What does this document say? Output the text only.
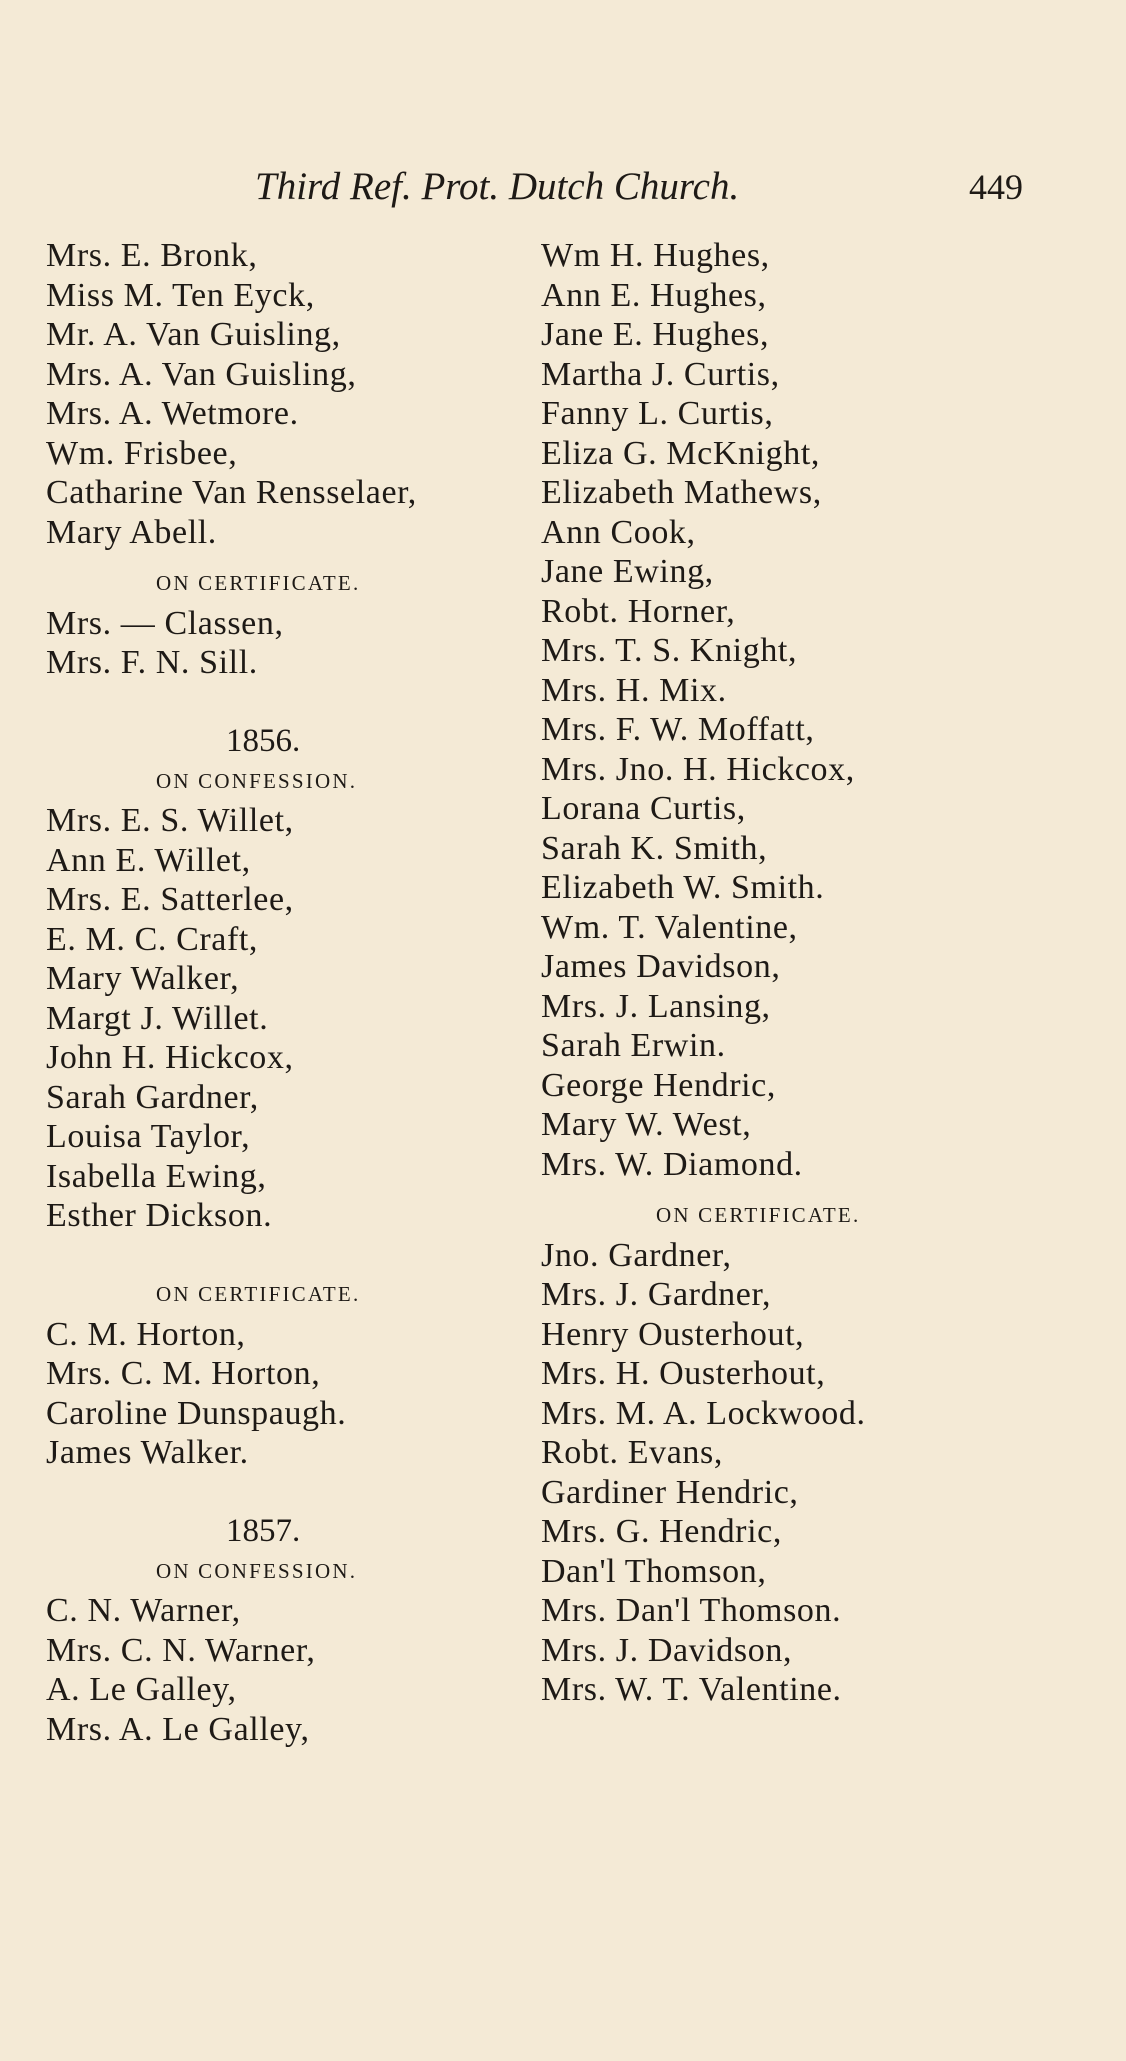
Third Ref. Prot. Dutch Church.	449
Mrs. E. Bronk,
Miss M. Ten Eyck,
Mr. A. Van Guisling,
Mrs. A. Van Guisling,
Mrs. A. Wetmore.
Wm. Frisbee,
Catharine Van Rensselaer,
Mary Abell.
ON CERTIFICATE.
Mrs. — Classen,
Mrs. F. N. Sill.
1856.
ON CONFESSION.
Mrs. E. S. Willet,
Ann E. Willet,
Mrs. E. Satterlee,
E. M. C. Craft,
Mary Walker,
Margt J. Willet.
John H. Hickcox,
Sarah Gardner,
Louisa Taylor,
Isabella Ewing,
Esther Dickson.
ON CERTIFICATE.
C. M. Horton,
Mrs. C. M. Horton,
Caroline Dunspaugh.
James Walker.
1857.
ON CONFESSION.
C. N. Warner,
Mrs. C. N. Warner,
A. Le Galley,
Mrs. A. Le Galley,
Wm H. Hughes,
Ann E. Hughes,
Jane E. Hughes,
Martha J. Curtis,
Fanny L. Curtis,
Eliza G. McKnight,
Elizabeth Mathews,
Ann Cook,
Jane Ewing,
Robt. Horner,
Mrs. T. S. Knight,
Mrs. H. Mix.
Mrs. F. W. Moffatt,
Mrs. Jno. H. Hickcox,
Lorana Curtis,
Sarah K. Smith,
Elizabeth W. Smith.
Wm. T. Valentine,
James Davidson,
Mrs. J. Lansing,
Sarah Erwin.
George Hendric,
Mary W. West,
Mrs. W. Diamond.
ON CERTIFICATE.
Jno. Gardner,
Mrs. J. Gardner,
Henry Ousterhout,
Mrs. H. Ousterhout,
Mrs. M. A. Lockwood.
Robt. Evans,
Gardiner Hendric,
Mrs. G. Hendric,
Dan'l Thomson,
Mrs. Dan'l Thomson.
Mrs. J. Davidson,
Mrs. W. T. Valentine.
